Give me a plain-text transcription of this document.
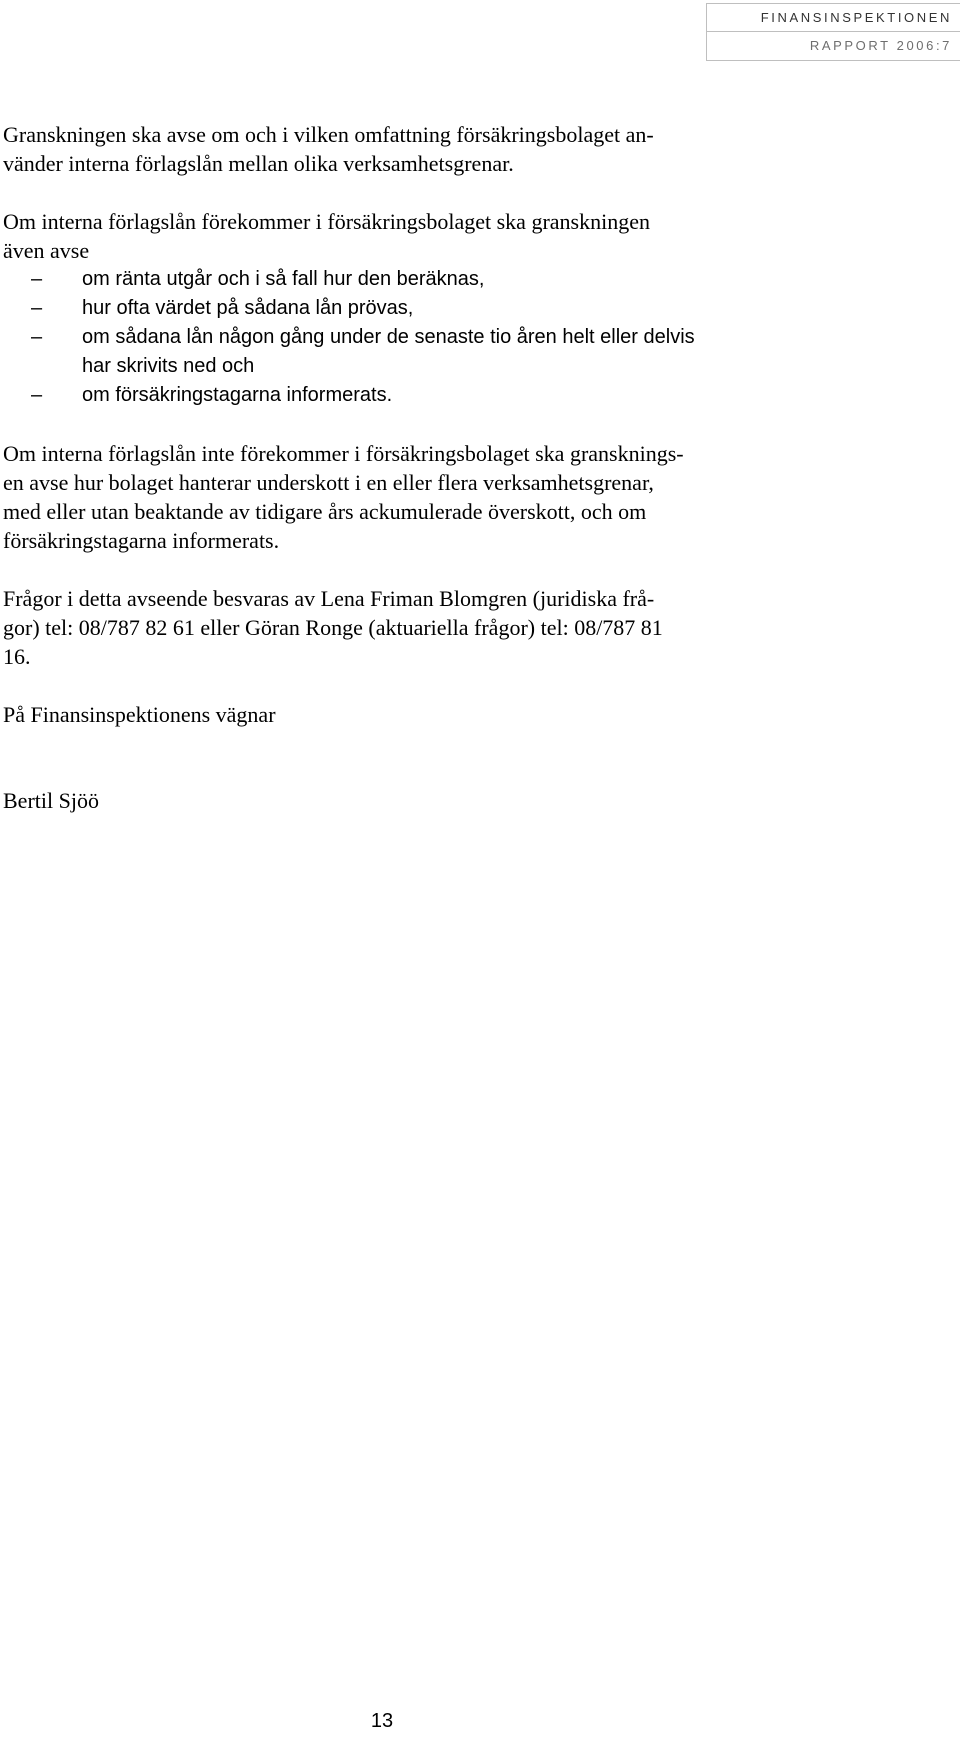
FINANSINSPEKTIONEN
RAPPORT 2006:7

Granskningen ska avse om och i vilken omfattning försäkringsbolaget an-
vänder interna förlagslån mellan olika verksamhetsgrenar.

Om interna förlagslån förekommer i försäkringsbolaget ska granskningen
även avse

– om ränta utgår och i så fall hur den beräknas,
– hur ofta värdet på sådana lån prövas,
– om sådana lån någon gång under de senaste tio åren helt eller delvis
har skrivits ned och
– om försäkringstagarna informerats.

Om interna förlagslån inte förekommer i försäkringsbolaget ska gransknings-
en avse hur bolaget hanterar underskott i en eller flera verksamhetsgrenar,
med eller utan beaktande av tidigare års ackumulerade överskott, och om
försäkringstagarna informerats.

Frågor i detta avseende besvaras av Lena Friman Blomgren (juridiska frå-
gor) tel: 08/787 82 61 eller Göran Ronge (aktuariella frågor) tel: 08/787 81
16.

På Finansinspektionens vägnar

Bertil Sjöö

13
